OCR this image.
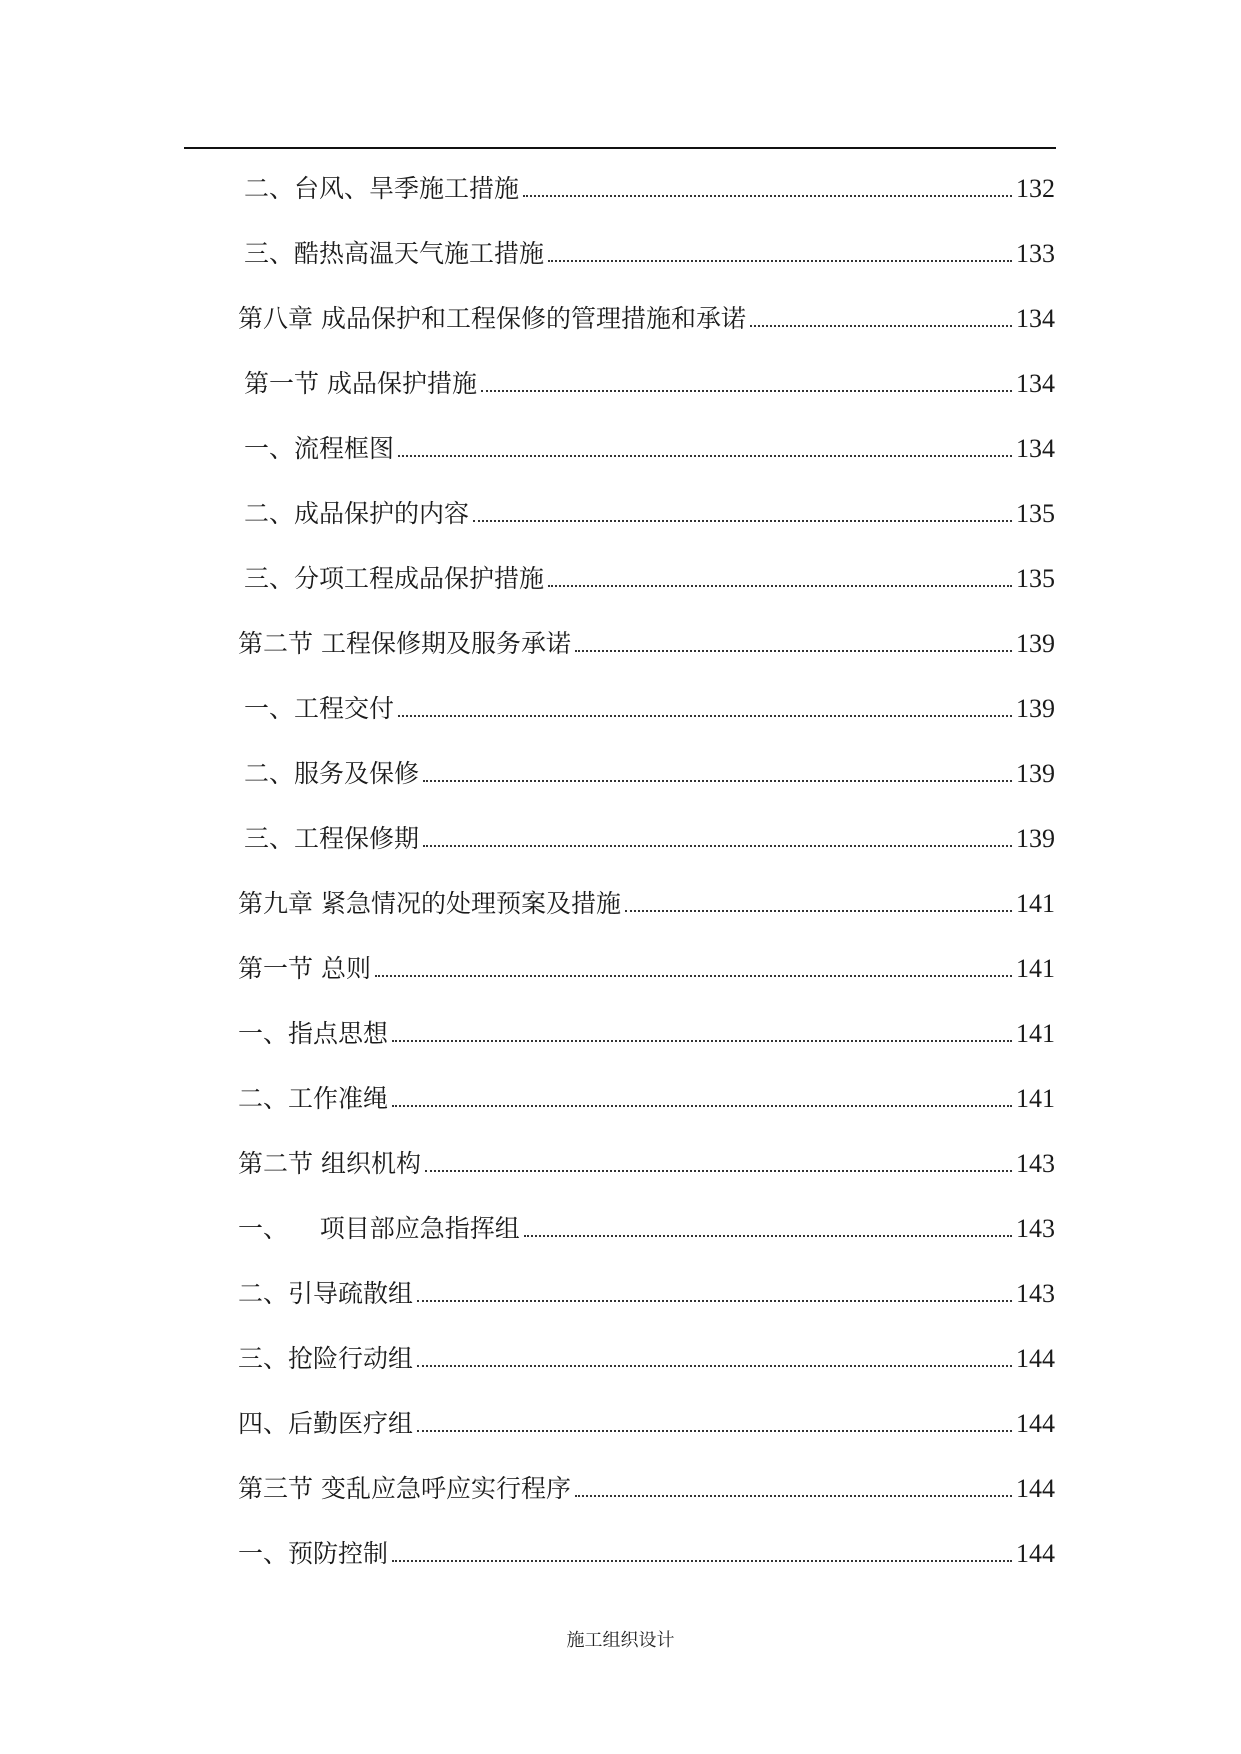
二、台风、旱季施工措施	132
三、酷热高温天气施工措施	133
第八章 成品保护和工程保修的管理措施和承诺	134
第一节 成品保护措施	134
一、流程框图	134
二、成品保护的内容	135
三、分项工程成品保护措施	135
第二节 工程保修期及服务承诺	139
一、工程交付	139
二、服务及保修	139
三、工程保修期	139
第九章 紧急情况的处理预案及措施	141
第一节 总则	141
一、指点思想	141
二、工作准绳	141
第二节 组织机构	143
一、    项目部应急指挥组	143
二、引导疏散组	143
三、抢险行动组	144
四、后勤医疗组	144
第三节 变乱应急呼应实行程序	144
一、预防控制	144
施工组织设计
